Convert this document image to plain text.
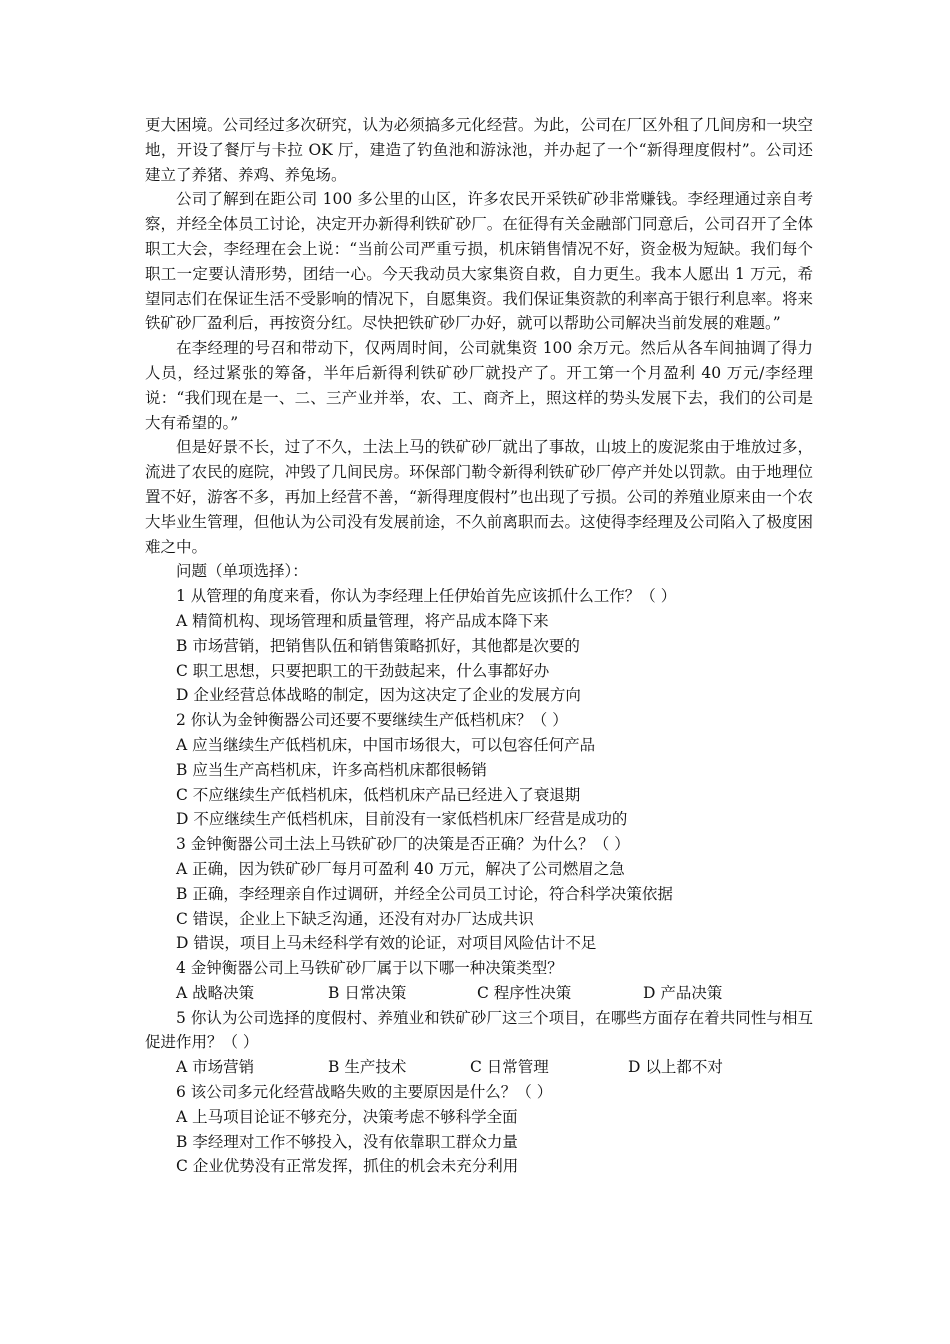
更大困境。公司经过多次研究，认为必须搞多元化经营。为此，公司在厂区外租了几间房和一块空地，开设了餐厅与卡拉 OK 厅，建造了钓鱼池和游泳池，并办起了一个“新得理度假村”。公司还建立了养猪、养鸡、养兔场。

公司了解到在距公司 100 多公里的山区，许多农民开采铁矿砂非常赚钱。李经理通过亲自考察，并经全体员工讨论，决定开办新得利铁矿砂厂。在征得有关金融部门同意后，公司召开了全体职工大会，李经理在会上说：“当前公司严重亏损，机床销售情况不好，资金极为短缺。我们每个职工一定要认清形势，团结一心。今天我动员大家集资自救，自力更生。我本人愿出 1 万元，希望同志们在保证生活不受影响的情况下，自愿集资。我们保证集资款的利率高于银行利息率。将来铁矿砂厂盈利后，再按资分红。尽快把铁矿砂厂办好，就可以帮助公司解决当前发展的难题。”

在李经理的号召和带动下，仅两周时间，公司就集资 100 余万元。然后从各车间抽调了得力人员，经过紧张的筹备，半年后新得利铁矿砂厂就投产了。开工第一个月盈利 40 万元/李经理说：“我们现在是一、二、三产业并举，农、工、商齐上，照这样的势头发展下去，我们的公司是大有希望的。”

但是好景不长，过了不久，土法上马的铁矿砂厂就出了事故，山坡上的废泥浆由于堆放过多，流进了农民的庭院，冲毁了几间民房。环保部门勒令新得利铁矿砂厂停产并处以罚款。由于地理位置不好，游客不多，再加上经营不善，“新得理度假村”也出现了亏损。公司的养殖业原来由一个农大毕业生管理，但他认为公司没有发展前途，不久前离职而去。这使得李经理及公司陷入了极度困难之中。

问题（单项选择）：

1 从管理的角度来看，你认为李经理上任伊始首先应该抓什么工作？（ ）

A 精简机构、现场管理和质量管理，将产品成本降下来

B 市场营销，把销售队伍和销售策略抓好，其他都是次要的

C 职工思想，只要把职工的干劲鼓起来，什么事都好办

D 企业经营总体战略的制定，因为这决定了企业的发展方向

2 你认为金钟衡器公司还要不要继续生产低档机床？（ ）

A 应当继续生产低档机床，中国市场很大，可以包容任何产品

B 应当生产高档机床，许多高档机床都很畅销

C 不应继续生产低档机床，低档机床产品已经进入了衰退期

D 不应继续生产低档机床，目前没有一家低档机床厂经营是成功的

3 金钟衡器公司土法上马铁矿砂厂的决策是否正确？为什么？（ ）

A 正确，因为铁矿砂厂每月可盈利 40 万元，解决了公司燃眉之急

B 正确，李经理亲自作过调研，并经全公司员工讨论，符合科学决策依据

C 错误，企业上下缺乏沟通，还没有对办厂达成共识

D 错误，项目上马未经科学有效的论证，对项目风险估计不足

4 金钟衡器公司上马铁矿砂厂属于以下哪一种决策类型？

A 战略决策	B 日常决策	C 程序性决策	D 产品决策

5 你认为公司选择的度假村、养殖业和铁矿砂厂这三个项目，在哪些方面存在着共同性与相互促进作用？（ ）

A 市场营销	B 生产技术	C 日常管理	D 以上都不对

6 该公司多元化经营战略失败的主要原因是什么？（ ）

A 上马项目论证不够充分，决策考虑不够科学全面

B 李经理对工作不够投入，没有依靠职工群众力量

C 企业优势没有正常发挥，抓住的机会未充分利用
